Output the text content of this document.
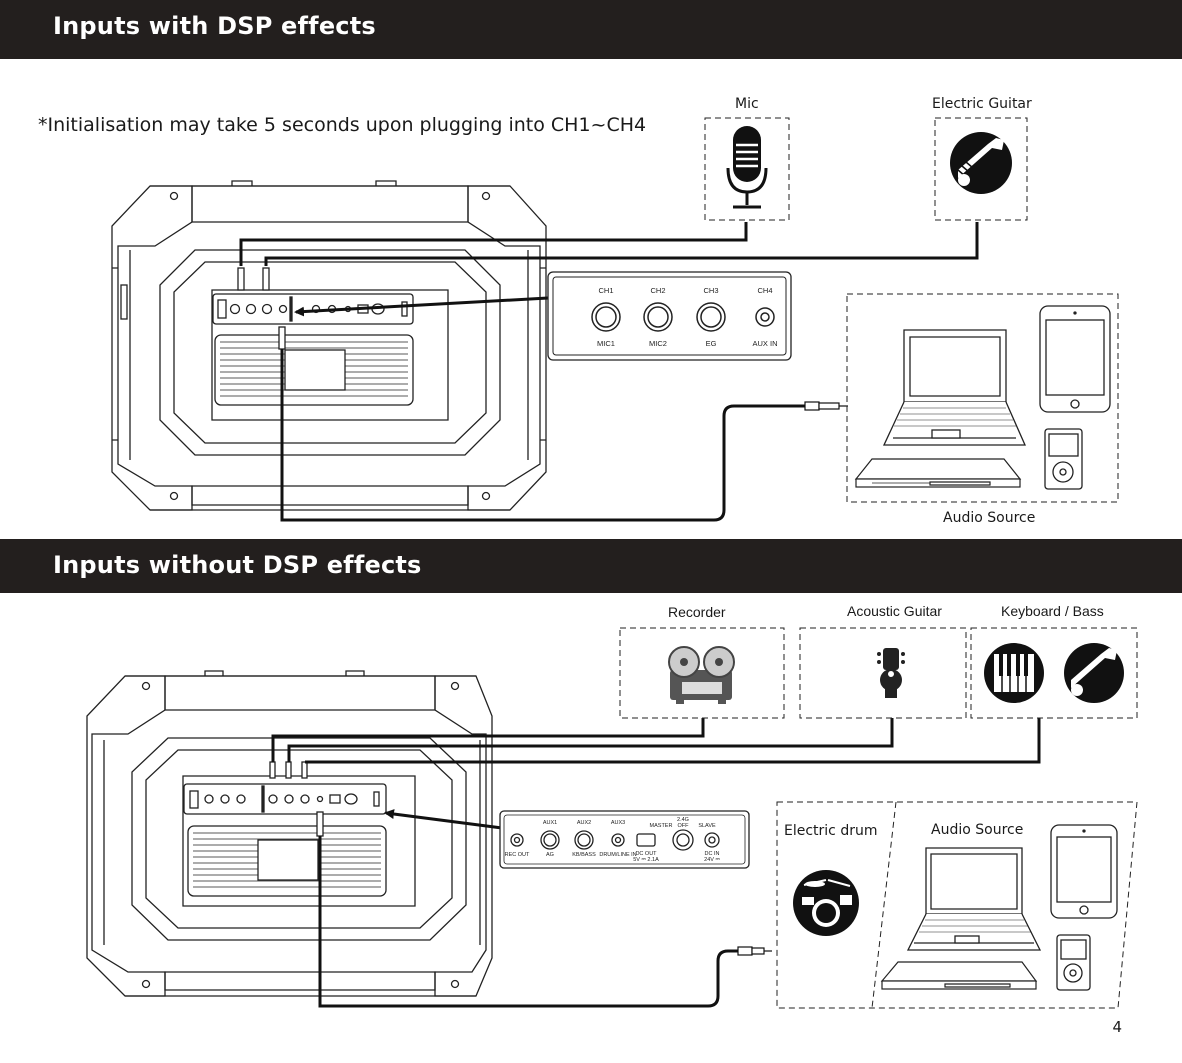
Inputs with DSP effects
Inputs without DSP effects
*Initialisation may take 5 seconds upon plugging into CH1~CH4
Mic	Electric Guitar
Audio Source
Recorder	Acoustic Guitar	Keyboard / Bass
Electric drum	Audio Source
4
CH1	CH2	CH3	CH4
MIC1	MIC2	EG	AUX IN
AUX1	AUX2	AUX3	2.4G
MASTER OFF SLAVE
REC OUT	AG	KB/BASS DRUM/LINE IN
DC OUT
5V ⎓ 2.1A
DC IN
24V ⎓
